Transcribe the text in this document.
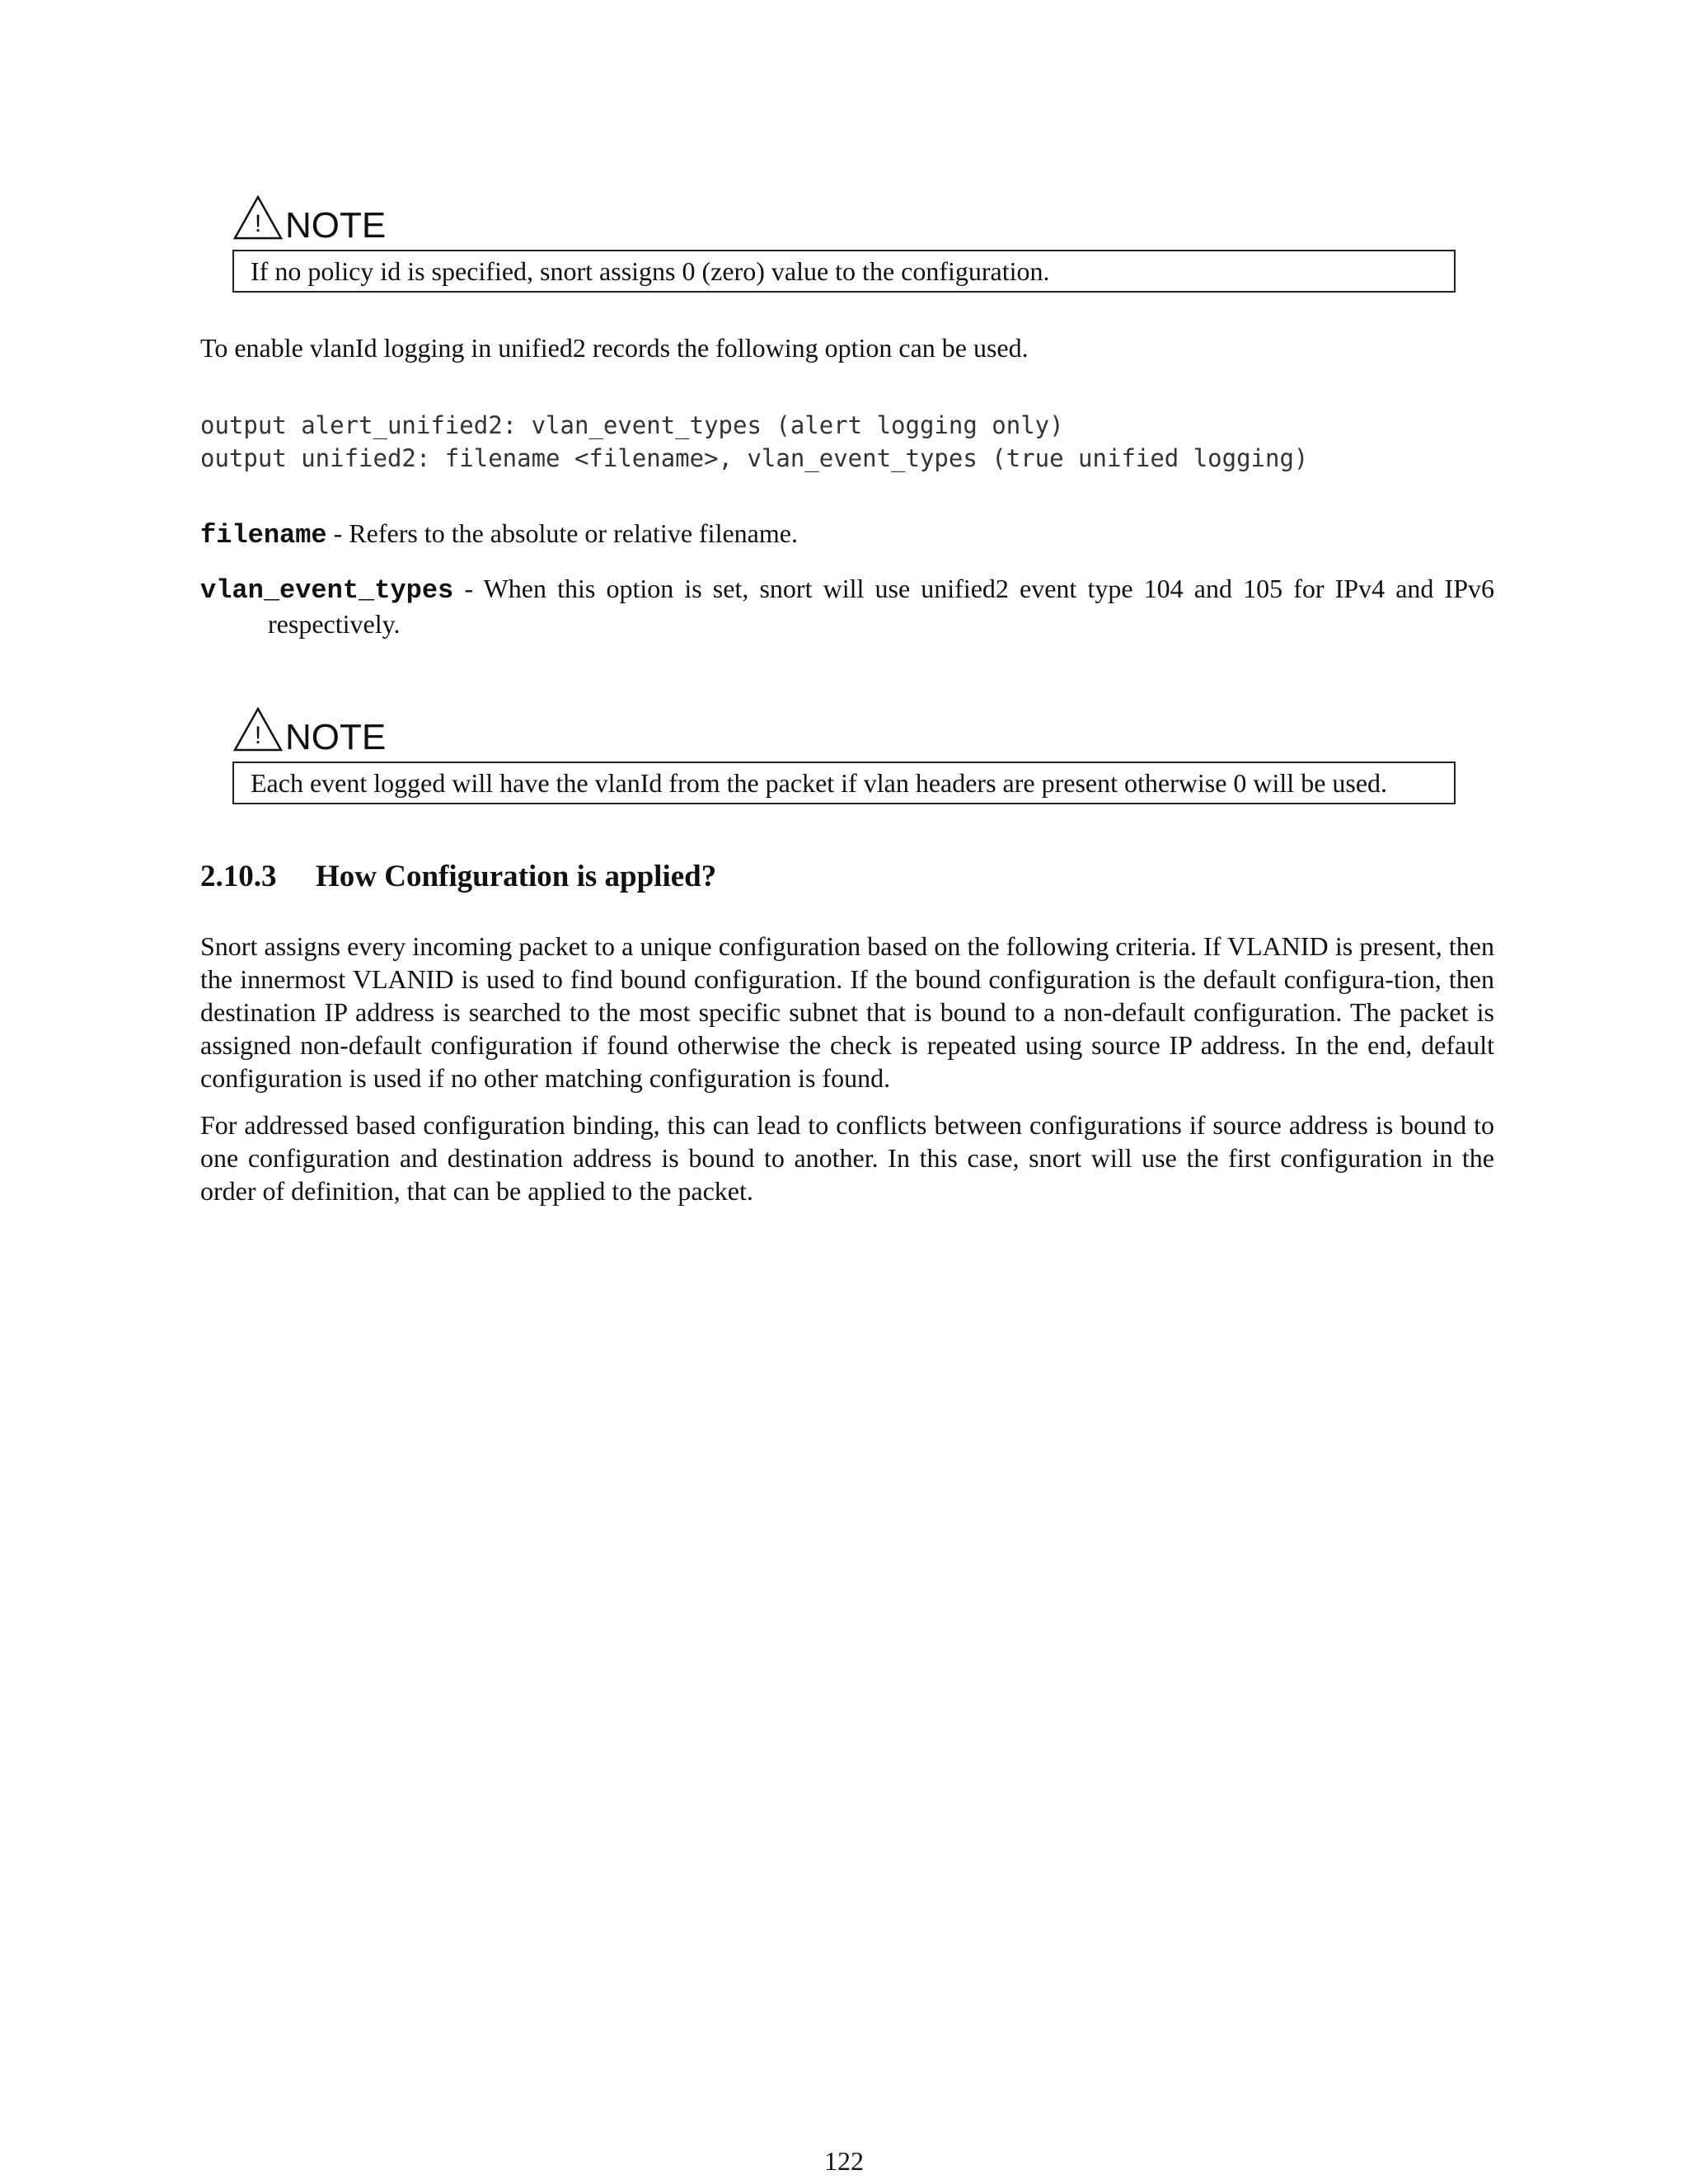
! NOTE
If no policy id is specified, snort assigns 0 (zero) value to the configuration.
To enable vlanId logging in unified2 records the following option can be used.
output alert_unified2: vlan_event_types (alert logging only)
output unified2: filename <filename>, vlan_event_types (true unified logging)
filename - Refers to the absolute or relative filename.
vlan_event_types - When this option is set, snort will use unified2 event type 104 and 105 for IPv4 and IPv6 respectively.
! NOTE
Each event logged will have the vlanId from the packet if vlan headers are present otherwise 0 will be used.
2.10.3 How Configuration is applied?
Snort assigns every incoming packet to a unique configuration based on the following criteria. If VLANID is present, then the innermost VLANID is used to find bound configuration. If the bound configuration is the default configura-tion, then destination IP address is searched to the most specific subnet that is bound to a non-default configuration. The packet is assigned non-default configuration if found otherwise the check is repeated using source IP address. In the end, default configuration is used if no other matching configuration is found.
For addressed based configuration binding, this can lead to conflicts between configurations if source address is bound to one configuration and destination address is bound to another. In this case, snort will use the first configuration in the order of definition, that can be applied to the packet.
122
